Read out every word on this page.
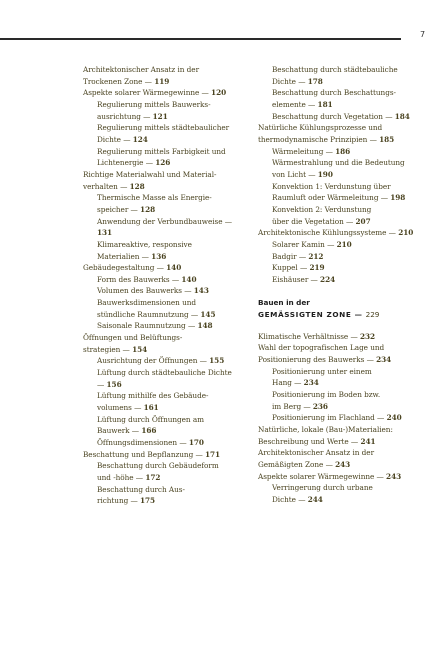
7
Architektonischer Ansatz in der
Trockenen Zone — 119
Aspekte solarer Wärmegewinne — 120
Regulierung mittels Bauwerks-
ausrichtung — 121
Regulierung mittels städtebaulicher
Dichte — 124
Regulierung mittels Farbigkeit und
Lichtenergie — 126
Richtige Materialwahl und Material-
verhalten — 128
Thermische Masse als Energie-
speicher — 128
Anwendung der Verbundbauweise —
131
Klimareaktive, responsive
Materialien — 136
Gebäudegestaltung — 140
Form des Bauwerks — 140
Volumen des Bauwerks — 143
Bauwerksdimensionen und
stündliche Raumnutzung — 145
Saisonale Raumnutzung — 148
Öffnungen und Belüftungs-
strategien — 154
Ausrichtung der Öffnungen — 155
Lüftung durch städtebauliche Dichte
— 156
Lüftung mithilfe des Gebäude-
volumens — 161
Lüftung durch Öffnungen am
Bauwerk — 166
Öffnungsdimensionen — 170
Beschattung und Bepflanzung — 171
Beschattung durch Gebäudeform
und -höhe — 172
Beschattung durch Aus-
richtung — 175
Beschattung durch städtebauliche
Dichte — 178
Beschattung durch Beschattungs-
elemente — 181
Beschattung durch Vegetation — 184
Natürliche Kühlungsprozesse und
thermodynamische Prinzipien — 185
Wärmeleitung — 186
Wärmestrahlung und die Bedeutung
von Licht — 190
Konvektion 1: Verdunstung über
Raumluft oder Wärmeleitung — 198
Konvektion 2: Verdunstung
über die Vegetation — 207
Architektonische Kühlungssysteme — 210
Solarer Kamin — 210
Badgir — 212
Kuppel — 219
Eishäuser — 224
Bauen in der
GEMÄSSIGTEN ZONE — 229
Klimatische Verhältnisse — 232
Wahl der topografischen Lage und
Positionierung des Bauwerks — 234
Positionierung unter einem
Hang — 234
Positionierung im Boden bzw.
im Berg — 236
Positionierung im Flachland — 240
Natürliche, lokale (Bau-)Materialien:
Beschreibung und Werte — 241
Architektonischer Ansatz in der
Gemäßigten Zone — 243
Aspekte solarer Wärmegewinne — 243
Verringerung durch urbane
Dichte — 244
